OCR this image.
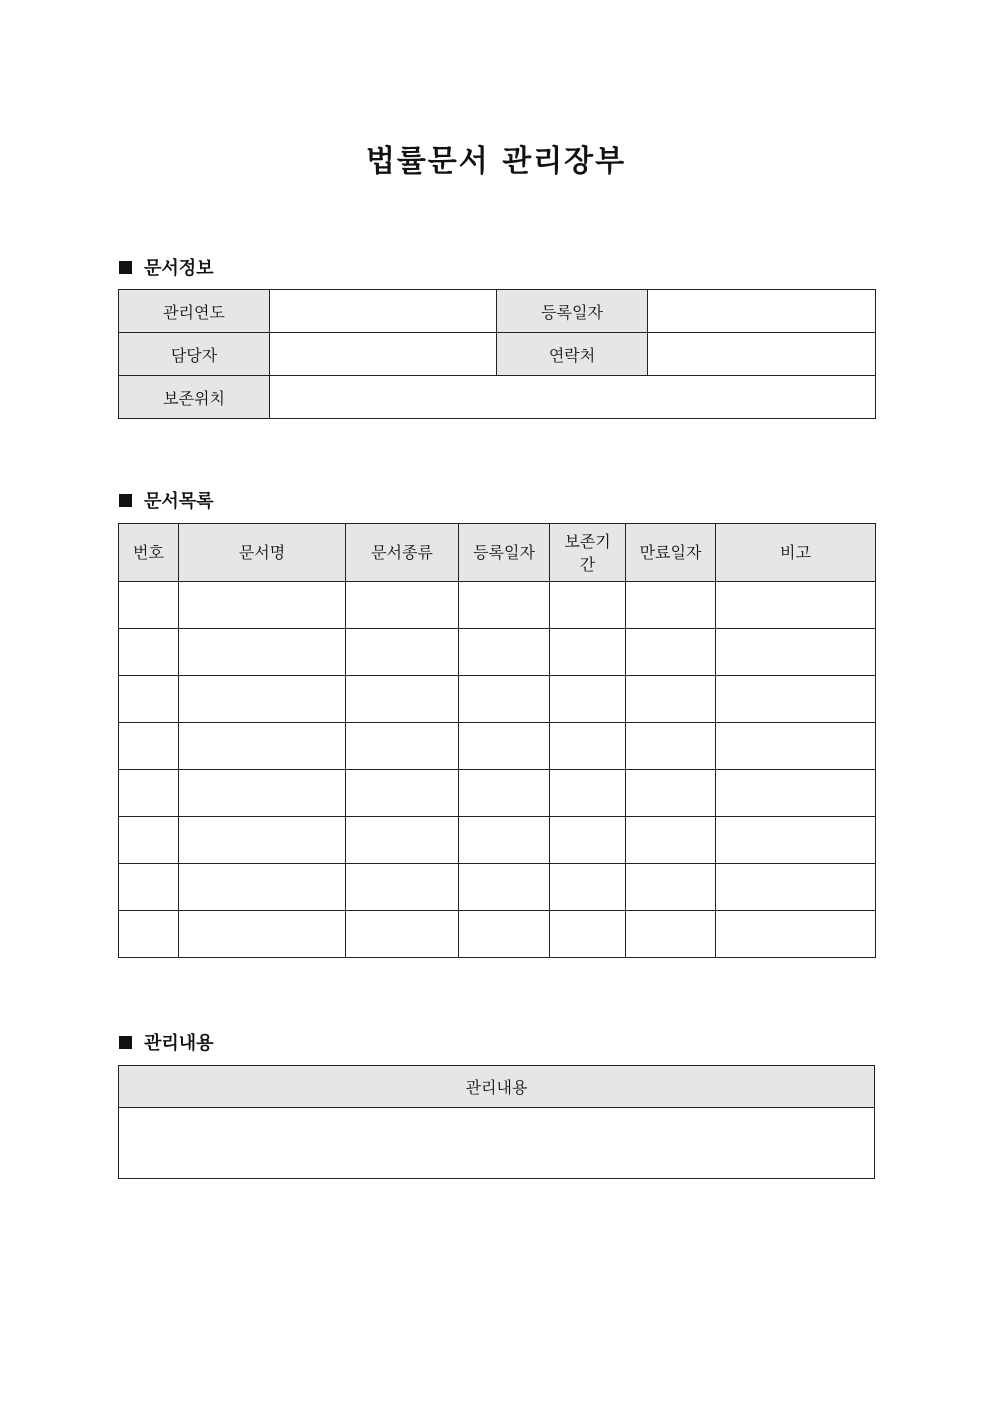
법률문서 관리장부
문서정보
관리연도		등록일자	
담당자		연락처	
보존위치			
문서목록
번호	문서명	문서종류	등록일자	보존기간	만료일자	비고

관리내용
관리내용
